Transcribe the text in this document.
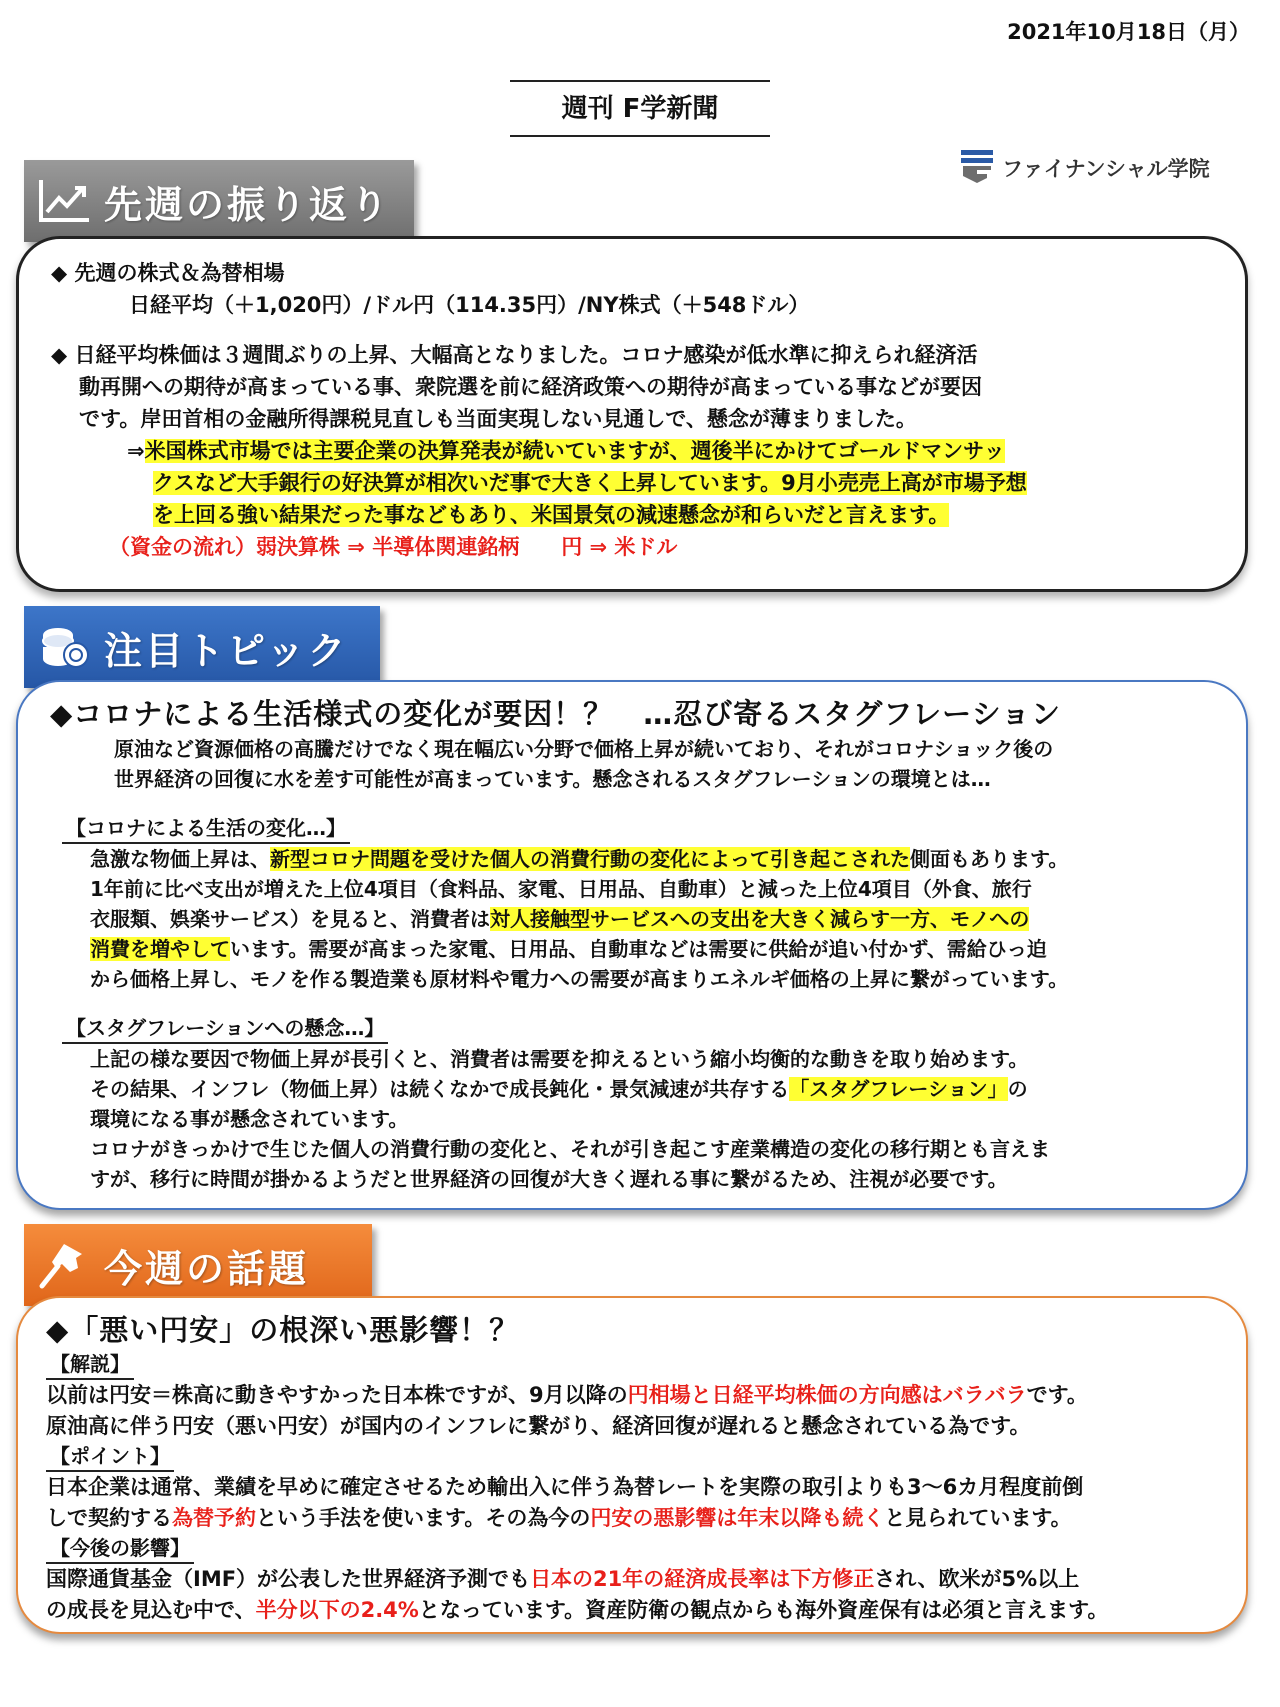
2021年10月18日（月）
週刊 F学新聞
ファイナンシャル学院
先週の振り返り
◆ 先週の株式＆為替相場
日経平均（＋1,020円）/ドル円（114.35円）/NY株式（＋548ドル）
◆ 日経平均株価は３週間ぶりの上昇、大幅高となりました。コロナ感染が低水準に抑えられ経済活
動再開への期待が高まっている事、衆院選を前に経済政策への期待が高まっている事などが要因
です。岸田首相の金融所得課税見直しも当面実現しない見通しで、懸念が薄まりました。
⇒米国株式市場では主要企業の決算発表が続いていますが、週後半にかけてゴールドマンサッ
クスなど大手銀行の好決算が相次いだ事で大きく上昇しています。9月小売売上高が市場予想
を上回る強い結果だった事などもあり、米国景気の減速懸念が和らいだと言えます。
（資金の流れ）弱決算株 ⇒ 半導体関連銘柄　　円 ⇒ 米ドル
注目トピック
◆コロナによる生活様式の変化が要因！？　…忍び寄るスタグフレーション
原油など資源価格の高騰だけでなく現在幅広い分野で価格上昇が続いており、それがコロナショック後の
世界経済の回復に水を差す可能性が高まっています。懸念されるスタグフレーションの環境とは…
【コロナによる生活の変化…】
急激な物価上昇は、新型コロナ問題を受けた個人の消費行動の変化によって引き起こされた側面もあります。
1年前に比べ支出が増えた上位4項目（食料品、家電、日用品、自動車）と減った上位4項目（外食、旅行
衣服類、娯楽サービス）を見ると、消費者は対人接触型サービスへの支出を大きく減らす一方、モノへの
消費を増やしています。需要が高まった家電、日用品、自動車などは需要に供給が追い付かず、需給ひっ迫
から価格上昇し、モノを作る製造業も原材料や電力への需要が高まりエネルギ価格の上昇に繋がっています。
【スタグフレーションへの懸念…】
上記の様な要因で物価上昇が長引くと、消費者は需要を抑えるという縮小均衡的な動きを取り始めます。
その結果、インフレ（物価上昇）は続くなかで成長鈍化・景気減速が共存する「スタグフレーション」の
環境になる事が懸念されています。
コロナがきっかけで生じた個人の消費行動の変化と、それが引き起こす産業構造の変化の移行期とも言えま
すが、移行に時間が掛かるようだと世界経済の回復が大きく遅れる事に繋がるため、注視が必要です。
今週の話題
◆「悪い円安」の根深い悪影響！？
【解説】
以前は円安＝株高に動きやすかった日本株ですが、9月以降の円相場と日経平均株価の方向感はバラバラです。
原油高に伴う円安（悪い円安）が国内のインフレに繋がり、経済回復が遅れると懸念されている為です。
【ポイント】
日本企業は通常、業績を早めに確定させるため輸出入に伴う為替レートを実際の取引よりも3～6カ月程度前倒
しで契約する為替予約という手法を使います。その為今の円安の悪影響は年末以降も続くと見られています。
【今後の影響】
国際通貨基金（IMF）が公表した世界経済予測でも日本の21年の経済成長率は下方修正され、欧米が5%以上
の成長を見込む中で、半分以下の2.4%となっています。資産防衛の観点からも海外資産保有は必須と言えます。
